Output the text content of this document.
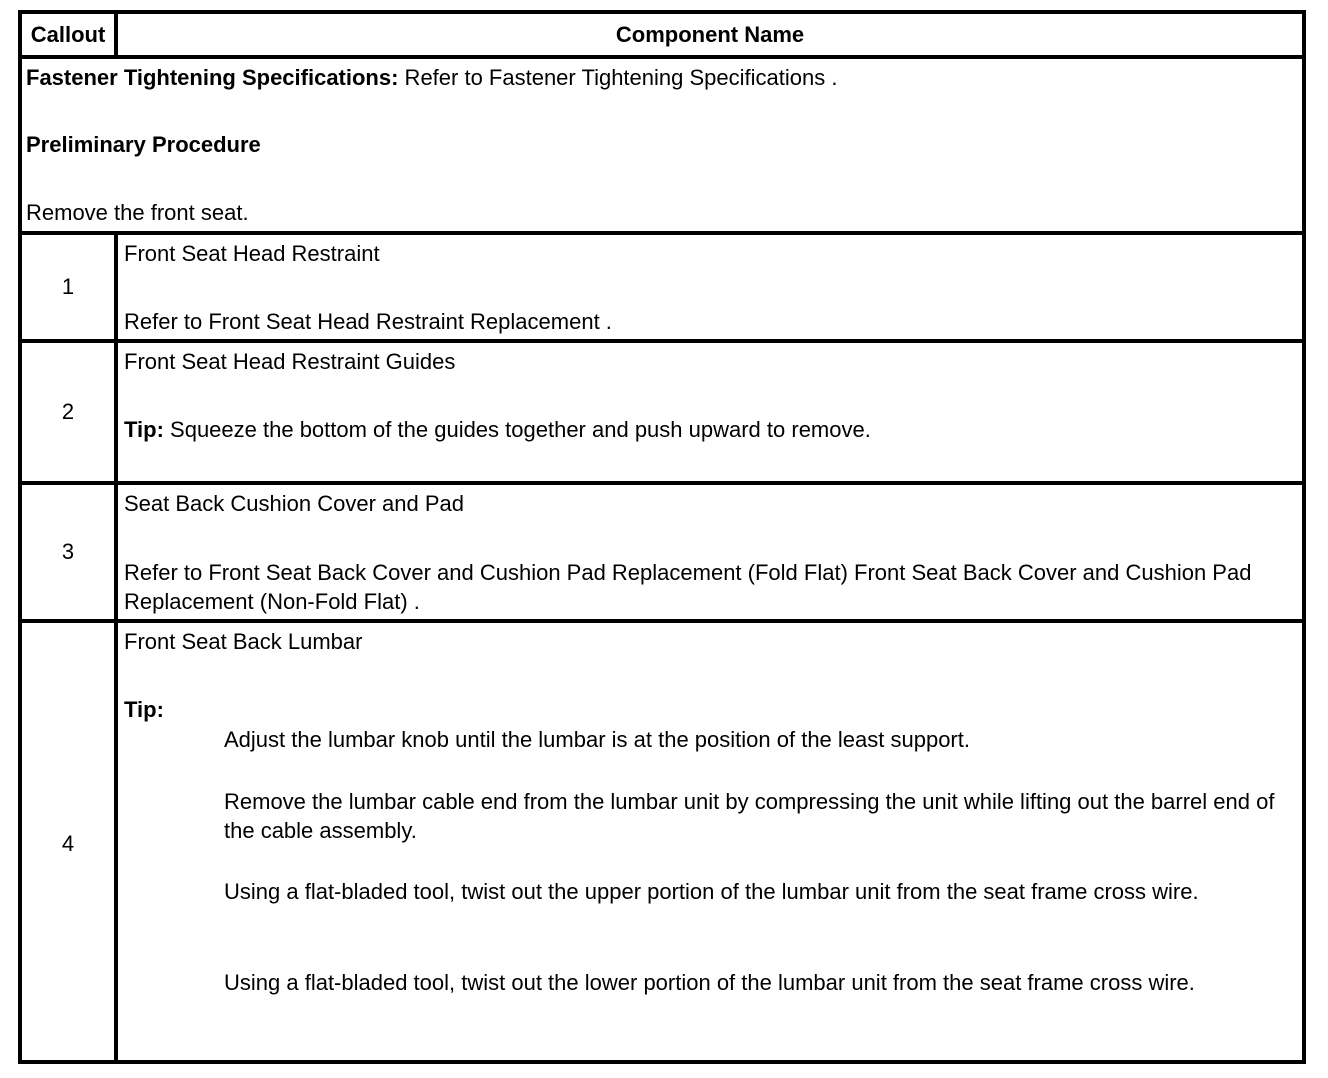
Callout	Component Name
Fastener Tightening Specifications: Refer to Fastener Tightening Specifications .
Preliminary Procedure
Remove the front seat.
1
Front Seat Head Restraint
Refer to Front Seat Head Restraint Replacement .
2
Front Seat Head Restraint Guides
Tip: Squeeze the bottom of the guides together and push upward to remove.
3
Seat Back Cushion Cover and Pad
Refer to Front Seat Back Cover and Cushion Pad Replacement (Fold Flat) Front Seat Back Cover and Cushion Pad Replacement (Non-Fold Flat) .
4
Front Seat Back Lumbar
Tip:
Adjust the lumbar knob until the lumbar is at the position of the least support.
Remove the lumbar cable end from the lumbar unit by compressing the unit while lifting out the barrel end of the cable assembly.
Using a flat-bladed tool, twist out the upper portion of the lumbar unit from the seat frame cross wire.
Using a flat-bladed tool, twist out the lower portion of the lumbar unit from the seat frame cross wire.
